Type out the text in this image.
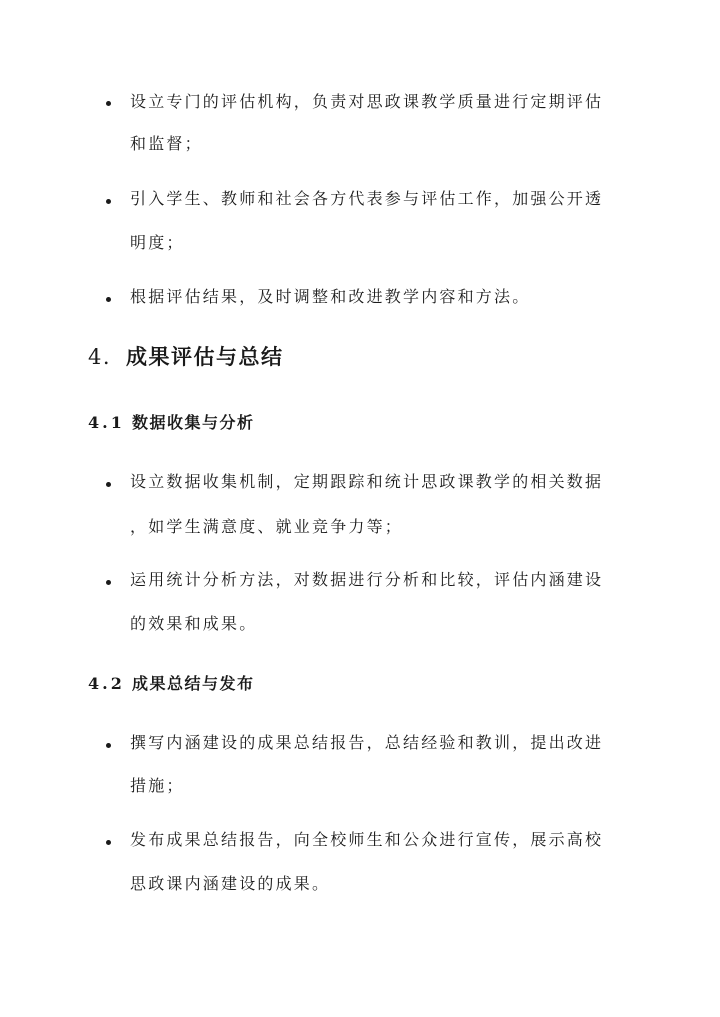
设立专门的评估机构，负责对思政课教学质量进行定期评估
和监督；
引入学生、教师和社会各方代表参与评估工作，加强公开透
明度；
根据评估结果，及时调整和改进教学内容和方法。
4. 成果评估与总结
4.1 数据收集与分析
设立数据收集机制，定期跟踪和统计思政课教学的相关数据
，如学生满意度、就业竞争力等；
运用统计分析方法，对数据进行分析和比较，评估内涵建设
的效果和成果。
4.2 成果总结与发布
撰写内涵建设的成果总结报告，总结经验和教训，提出改进
措施；
发布成果总结报告，向全校师生和公众进行宣传，展示高校
思政课内涵建设的成果。
